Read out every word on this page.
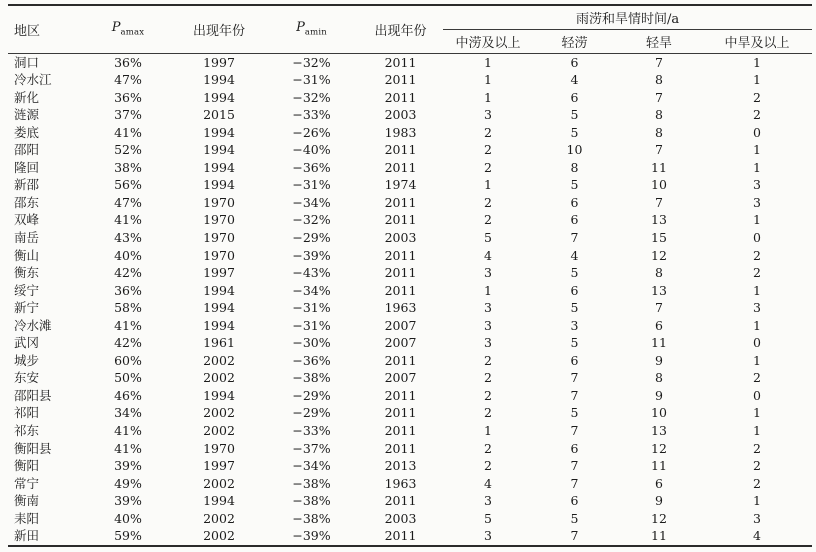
地区	$P_{amax}$	出现年份	$P_{amin}$	出现年份	雨涝和旱情时间/a			
					中涝及以上	轻涝	轻旱	中旱及以上
洞口	36%	1997	−32%	2011	1	6	7	1
冷水江	47%	1994	−31%	2011	1	4	8	1
新化	36%	1994	−32%	2011	1	6	7	2
涟源	37%	2015	−33%	2003	3	5	8	2
娄底	41%	1994	−26%	1983	2	5	8	0
邵阳	52%	1994	−40%	2011	2	10	7	1
隆回	38%	1994	−36%	2011	2	8	11	1
新邵	56%	1994	−31%	1974	1	5	10	3
邵东	47%	1970	−34%	2011	2	6	7	3
双峰	41%	1970	−32%	2011	2	6	13	1
南岳	43%	1970	−29%	2003	5	7	15	0
衡山	40%	1970	−39%	2011	4	4	12	2
衡东	42%	1997	−43%	2011	3	5	8	2
绥宁	36%	1994	−34%	2011	1	6	13	1
新宁	58%	1994	−31%	1963	3	5	7	3
冷水滩	41%	1994	−31%	2007	3	3	6	1
武冈	42%	1961	−30%	2007	3	5	11	0
城步	60%	2002	−36%	2011	2	6	9	1
东安	50%	2002	−38%	2007	2	7	8	2
邵阳县	46%	1994	−29%	2011	2	7	9	0
祁阳	34%	2002	−29%	2011	2	5	10	1
祁东	41%	2002	−33%	2011	1	7	13	1
衡阳县	41%	1970	−37%	2011	2	6	12	2
衡阳	39%	1997	−34%	2013	2	7	11	2
常宁	49%	2002	−38%	1963	4	7	6	2
衡南	39%	1994	−38%	2011	3	6	9	1
耒阳	40%	2002	−38%	2003	5	5	12	3
新田	59%	2002	−39%	2011	3	7	11	4
